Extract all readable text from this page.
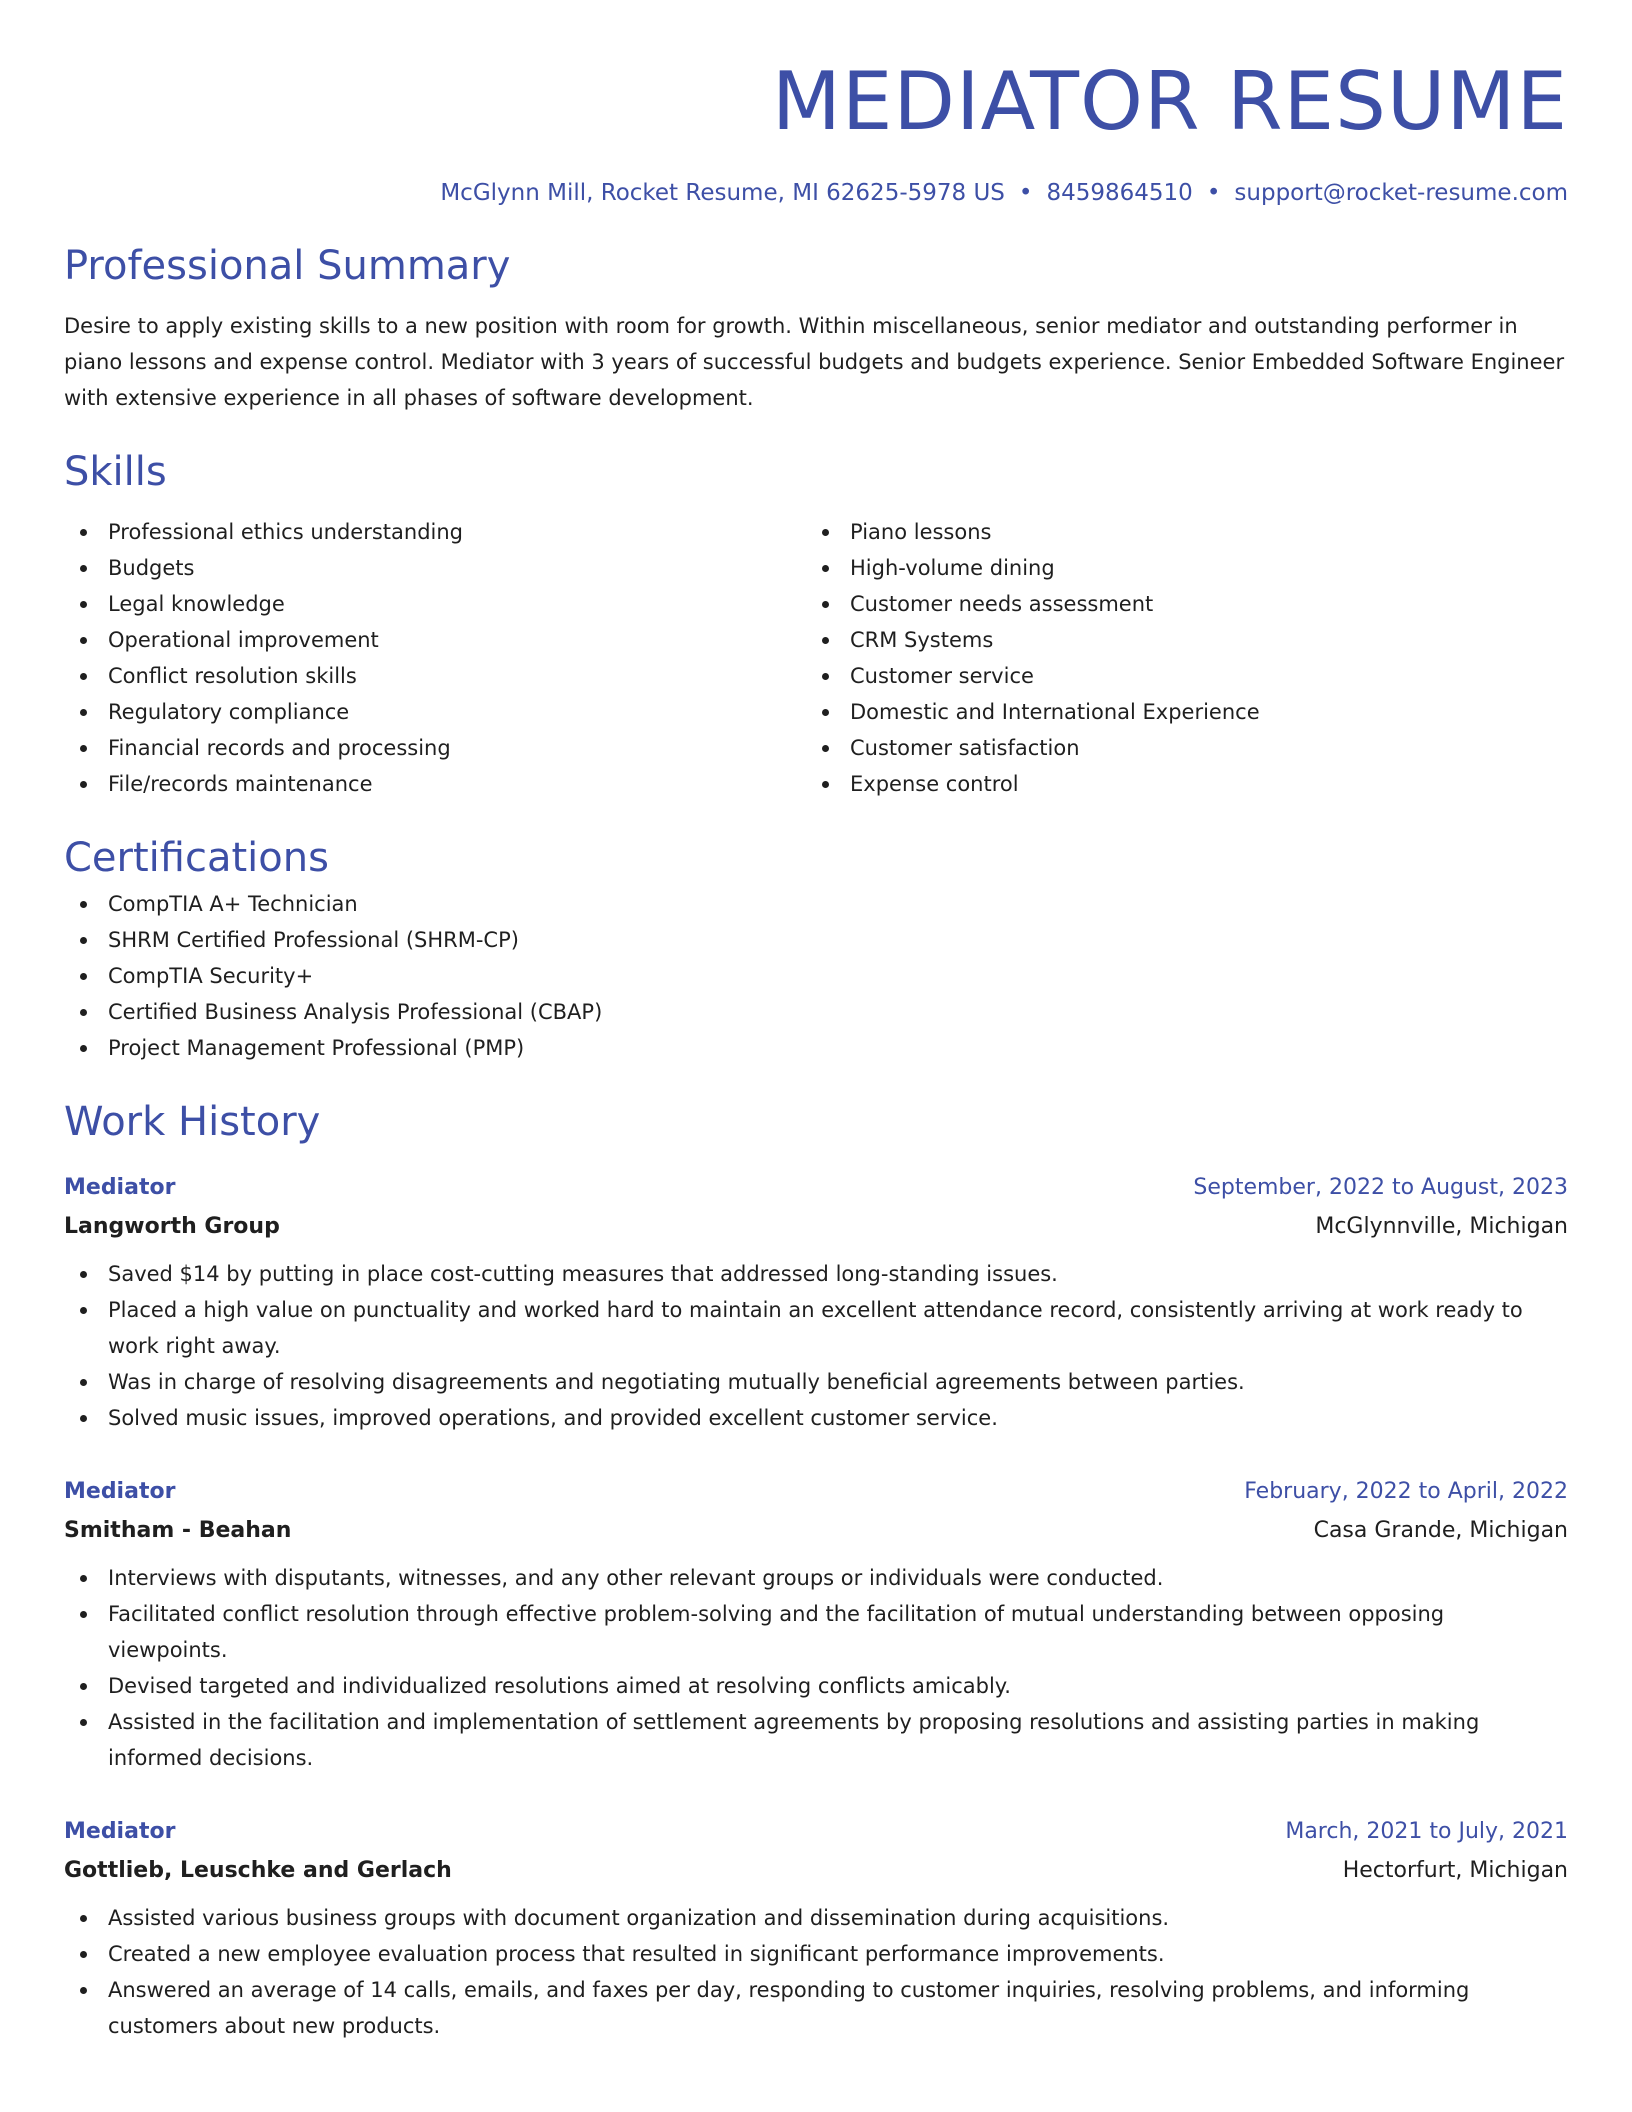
MEDIATOR RESUME
McGlynn Mill, Rocket Resume, MI 62625-5978 US • 8459864510 • support@rocket-resume.com
Professional Summary

Desire to apply existing skills to a new position with room for growth. Within miscellaneous, senior mediator and outstanding performer in piano lessons and expense control. Mediator with 3 years of successful budgets and budgets experience. Senior Embedded Software Engineer with extensive experience in all phases of software development.

Skills
Professional ethics understanding
Budgets
Legal knowledge
Operational improvement
Conflict resolution skills
Regulatory compliance
Financial records and processing
File/records maintenance
Piano lessons
High-volume dining
Customer needs assessment
CRM Systems
Customer service
Domestic and International Experience
Customer satisfaction
Expense control
Certifications
CompTIA A+ Technician
SHRM Certified Professional (SHRM-CP)
CompTIA Security+
Certified Business Analysis Professional (CBAP)
Project Management Professional (PMP)
Work History
Mediator	September, 2022 to August, 2023
Langworth Group	McGlynnville, Michigan
Saved $14 by putting in place cost-cutting measures that addressed long-standing issues.
Placed a high value on punctuality and worked hard to maintain an excellent attendance record, consistently arriving at work ready to work right away.
Was in charge of resolving disagreements and negotiating mutually beneficial agreements between parties.
Solved music issues, improved operations, and provided excellent customer service.
Mediator	February, 2022 to April, 2022
Smitham - Beahan	Casa Grande, Michigan
Interviews with disputants, witnesses, and any other relevant groups or individuals were conducted.
Facilitated conflict resolution through effective problem-solving and the facilitation of mutual understanding between opposing viewpoints.
Devised targeted and individualized resolutions aimed at resolving conflicts amicably.
Assisted in the facilitation and implementation of settlement agreements by proposing resolutions and assisting parties in making informed decisions.
Mediator	March, 2021 to July, 2021
Gottlieb, Leuschke and Gerlach	Hectorfurt, Michigan
Assisted various business groups with document organization and dissemination during acquisitions.
Created a new employee evaluation process that resulted in significant performance improvements.
Answered an average of 14 calls, emails, and faxes per day, responding to customer inquiries, resolving problems, and informing customers about new products.
